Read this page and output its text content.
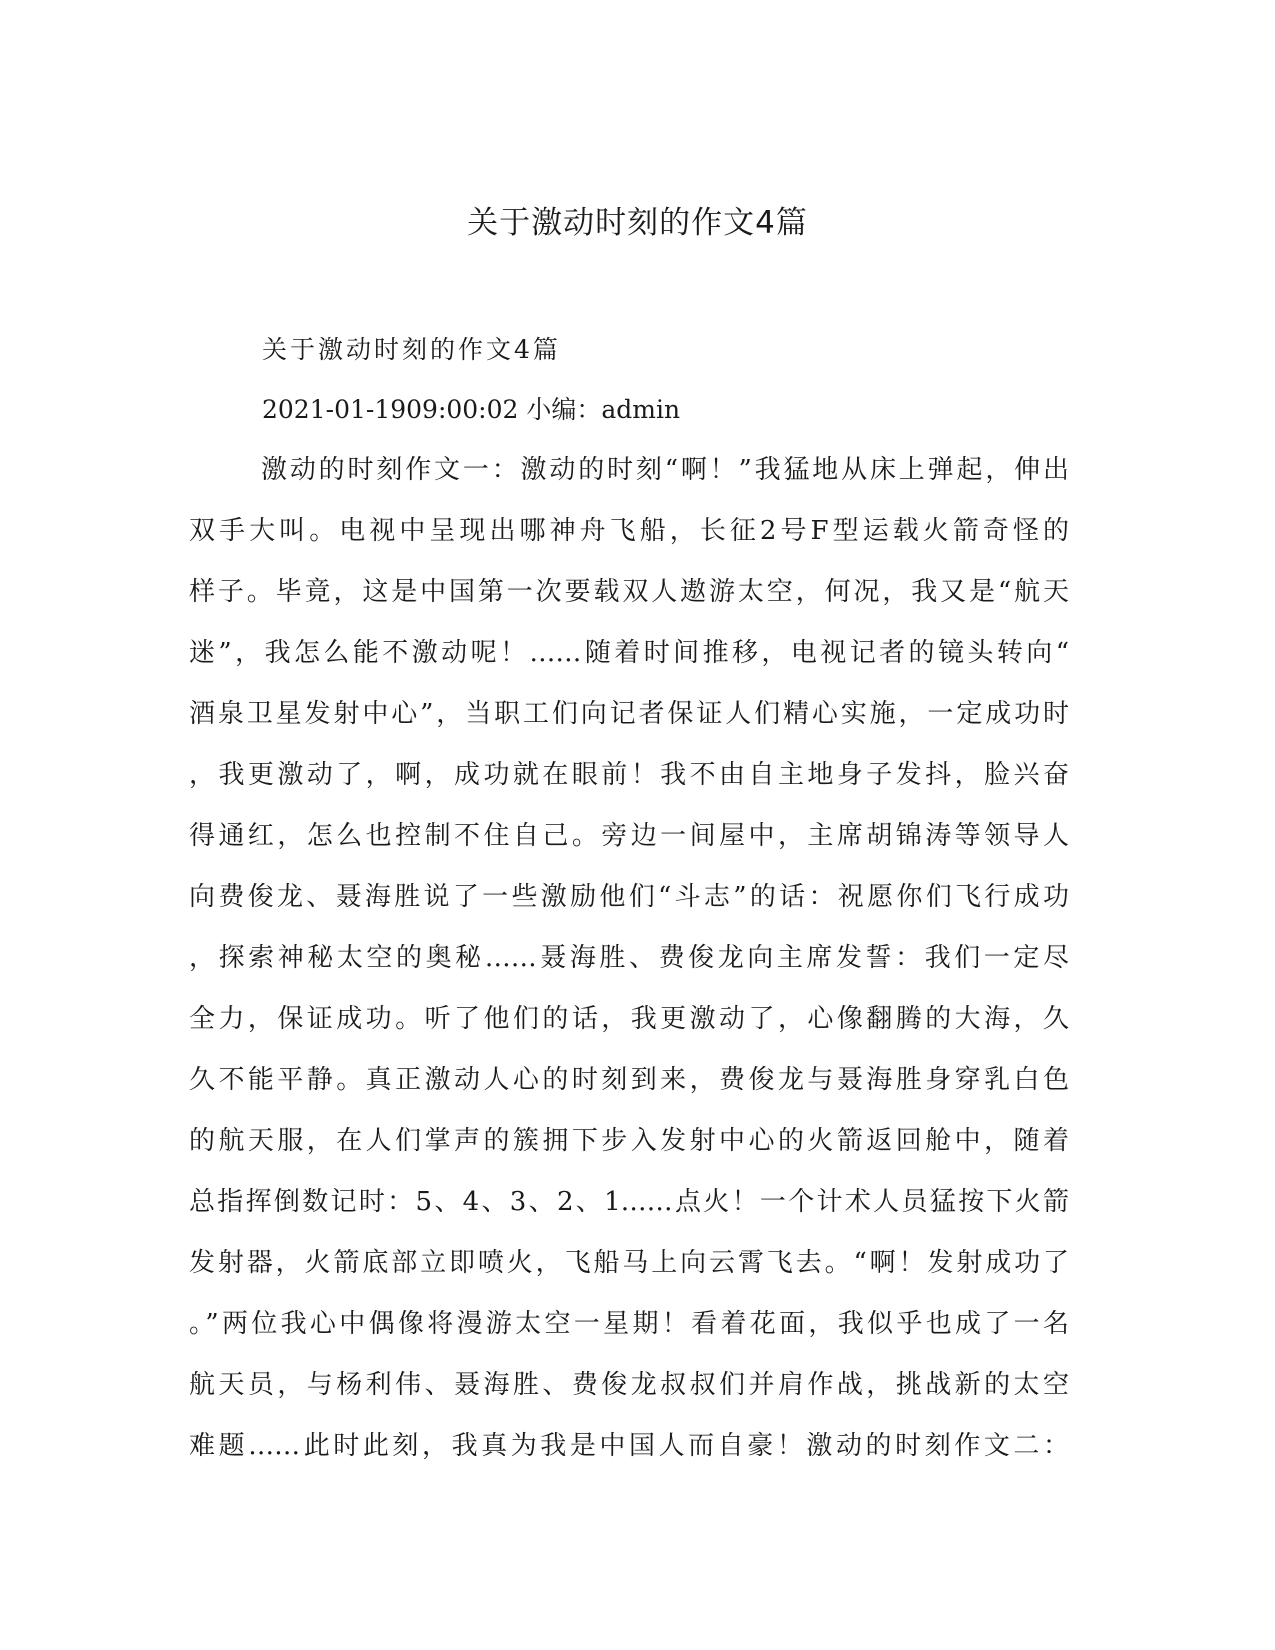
关于激动时刻的作文4篇
关于激动时刻的作文4篇
2021-01-1909:00:02 小编：admin
激动的时刻作文一：激动的时刻“啊！”我猛地从床上弹起，伸出
双手大叫。电视中呈现出哪神舟飞船，长征2号F型运载火箭奇怪的
样子。毕竟，这是中国第一次要载双人遨游太空，何况，我又是“航天
迷”，我怎么能不激动呢！……随着时间推移，电视记者的镜头转向“
酒泉卫星发射中心”，当职工们向记者保证人们精心实施，一定成功时
，我更激动了，啊，成功就在眼前！我不由自主地身子发抖，脸兴奋
得通红，怎么也控制不住自己。旁边一间屋中，主席胡锦涛等领导人
向费俊龙、聂海胜说了一些激励他们“斗志”的话：祝愿你们飞行成功
，探索神秘太空的奥秘……聂海胜、费俊龙向主席发誓：我们一定尽
全力，保证成功。听了他们的话，我更激动了，心像翻腾的大海，久
久不能平静。真正激动人心的时刻到来，费俊龙与聂海胜身穿乳白色
的航天服，在人们掌声的簇拥下步入发射中心的火箭返回舱中，随着
总指挥倒数记时：5、4、3、2、1……点火！一个计术人员猛按下火箭
发射器，火箭底部立即喷火，飞船马上向云霄飞去。“啊！发射成功了
。”两位我心中偶像将漫游太空一星期！看着花面，我似乎也成了一名
航天员，与杨利伟、聂海胜、费俊龙叔叔们并肩作战，挑战新的太空
难题……此时此刻，我真为我是中国人而自豪！激动的时刻作文二：
